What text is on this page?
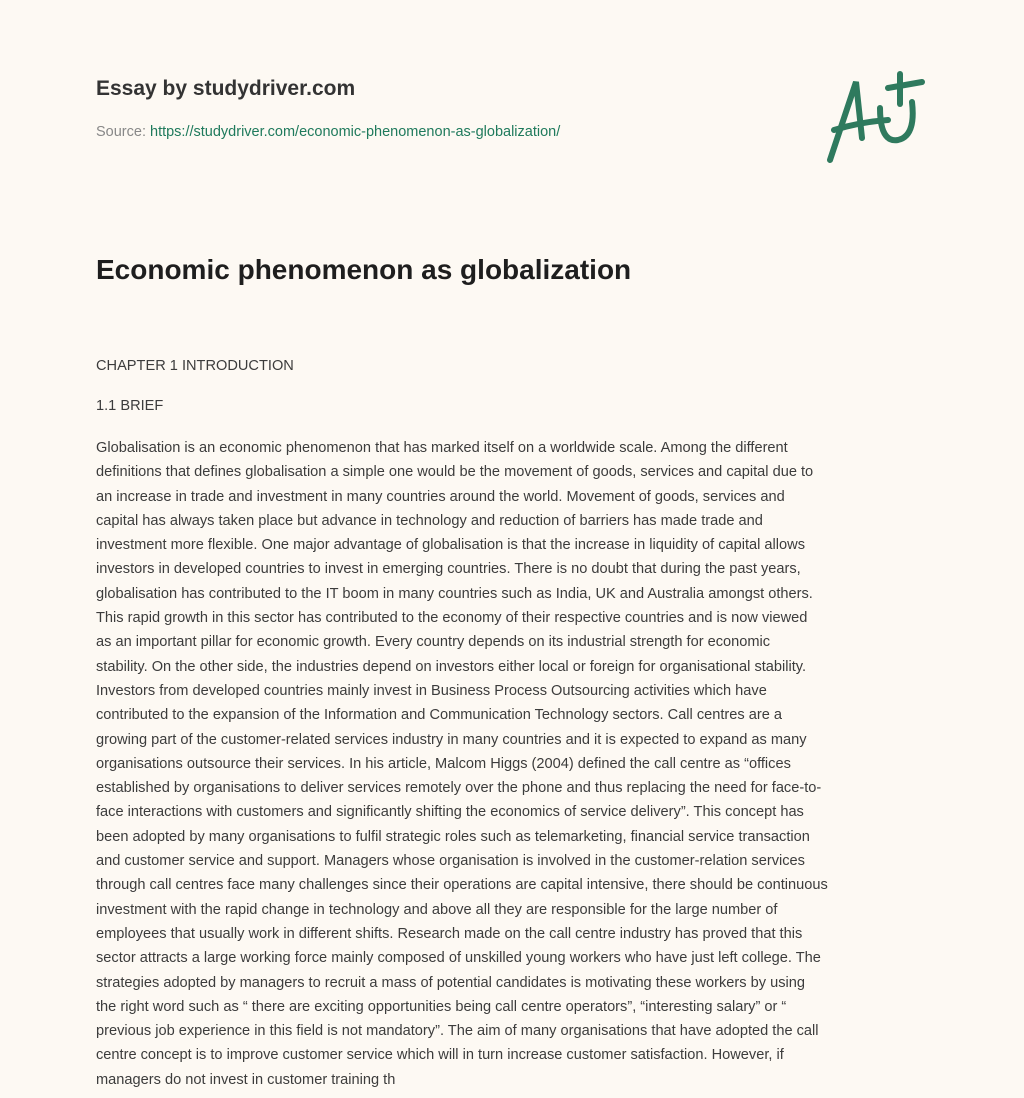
Essay by studydriver.com
Source: https://studydriver.com/economic-phenomenon-as-globalization/
Economic phenomenon as globalization
CHAPTER 1 INTRODUCTION
1.1 BRIEF
Globalisation is an economic phenomenon that has marked itself on a worldwide scale. Among the different
definitions that defines globalisation a simple one would be the movement of goods, services and capital due to
an increase in trade and investment in many countries around the world. Movement of goods, services and
capital has always taken place but advance in technology and reduction of barriers has made trade and
investment more flexible. One major advantage of globalisation is that the increase in liquidity of capital allows
investors in developed countries to invest in emerging countries. There is no doubt that during the past years,
globalisation has contributed to the IT boom in many countries such as India, UK and Australia amongst others.
This rapid growth in this sector has contributed to the economy of their respective countries and is now viewed
as an important pillar for economic growth. Every country depends on its industrial strength for economic
stability. On the other side, the industries depend on investors either local or foreign for organisational stability.
Investors from developed countries mainly invest in Business Process Outsourcing activities which have
contributed to the expansion of the Information and Communication Technology sectors. Call centres are a
growing part of the customer-related services industry in many countries and it is expected to expand as many
organisations outsource their services. In his article, Malcom Higgs (2004) defined the call centre as “offices
established by organisations to deliver services remotely over the phone and thus replacing the need for face-to-
face interactions with customers and significantly shifting the economics of service delivery”. This concept has
been adopted by many organisations to fulfil strategic roles such as telemarketing, financial service transaction
and customer service and support. Managers whose organisation is involved in the customer-relation services
through call centres face many challenges since their operations are capital intensive, there should be continuous
investment with the rapid change in technology and above all they are responsible for the large number of
employees that usually work in different shifts. Research made on the call centre industry has proved that this
sector attracts a large working force mainly composed of unskilled young workers who have just left college. The
strategies adopted by managers to recruit a mass of potential candidates is motivating these workers by using
the right word such as “ there are exciting opportunities being call centre operators”, “interesting salary” or “
previous job experience in this field is not mandatory”. The aim of many organisations that have adopted the call
centre concept is to improve customer service which will in turn increase customer satisfaction. However, if
managers do not invest in customer training th
